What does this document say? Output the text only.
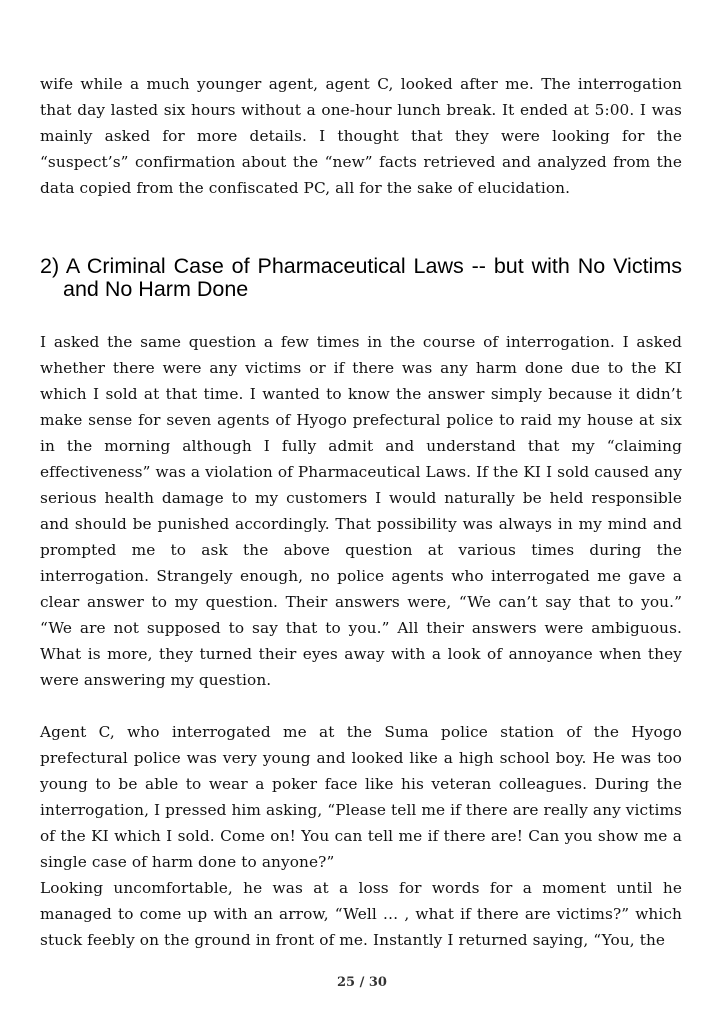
wife while a much younger agent, agent C, looked after me. The interrogation that day lasted six hours without a one-hour lunch break. It ended at 5:00. I was mainly asked for more details. I thought that they were looking for the “suspect’s” confirmation about the “new” facts retrieved and analyzed from the data copied from the confiscated PC, all for the sake of elucidation.

2) A Criminal Case of Pharmaceutical Laws -- but with No Victims and No Harm Done

I asked the same question a few times in the course of interrogation. I asked whether there were any victims or if there was any harm done due to the KI which I sold at that time. I wanted to know the answer simply because it didn’t make sense for seven agents of Hyogo prefectural police to raid my house at six in the morning although I fully admit and understand that my “claiming effectiveness” was a violation of Pharmaceutical Laws. If the KI I sold caused any serious health damage to my customers I would naturally be held responsible and should be punished accordingly. That possibility was always in my mind and prompted me to ask the above question at various times during the interrogation. Strangely enough, no police agents who interrogated me gave a clear answer to my question. Their answers were, “We can’t say that to you.” “We are not supposed to say that to you.” All their answers were ambiguous. What is more, they turned their eyes away with a look of annoyance when they were answering my question.

Agent C, who interrogated me at the Suma police station of the Hyogo prefectural police was very young and looked like a high school boy. He was too young to be able to wear a poker face like his veteran colleagues. During the interrogation, I pressed him asking, “Please tell me if there are really any victims of the KI which I sold. Come on! You can tell me if there are! Can you show me a single case of harm done to anyone?”

Looking uncomfortable, he was at a loss for words for a moment until he managed to come up with an arrow, “Well … , what if there are victims?” which stuck feebly on the ground in front of me. Instantly I returned saying, “You, the

25 / 30
